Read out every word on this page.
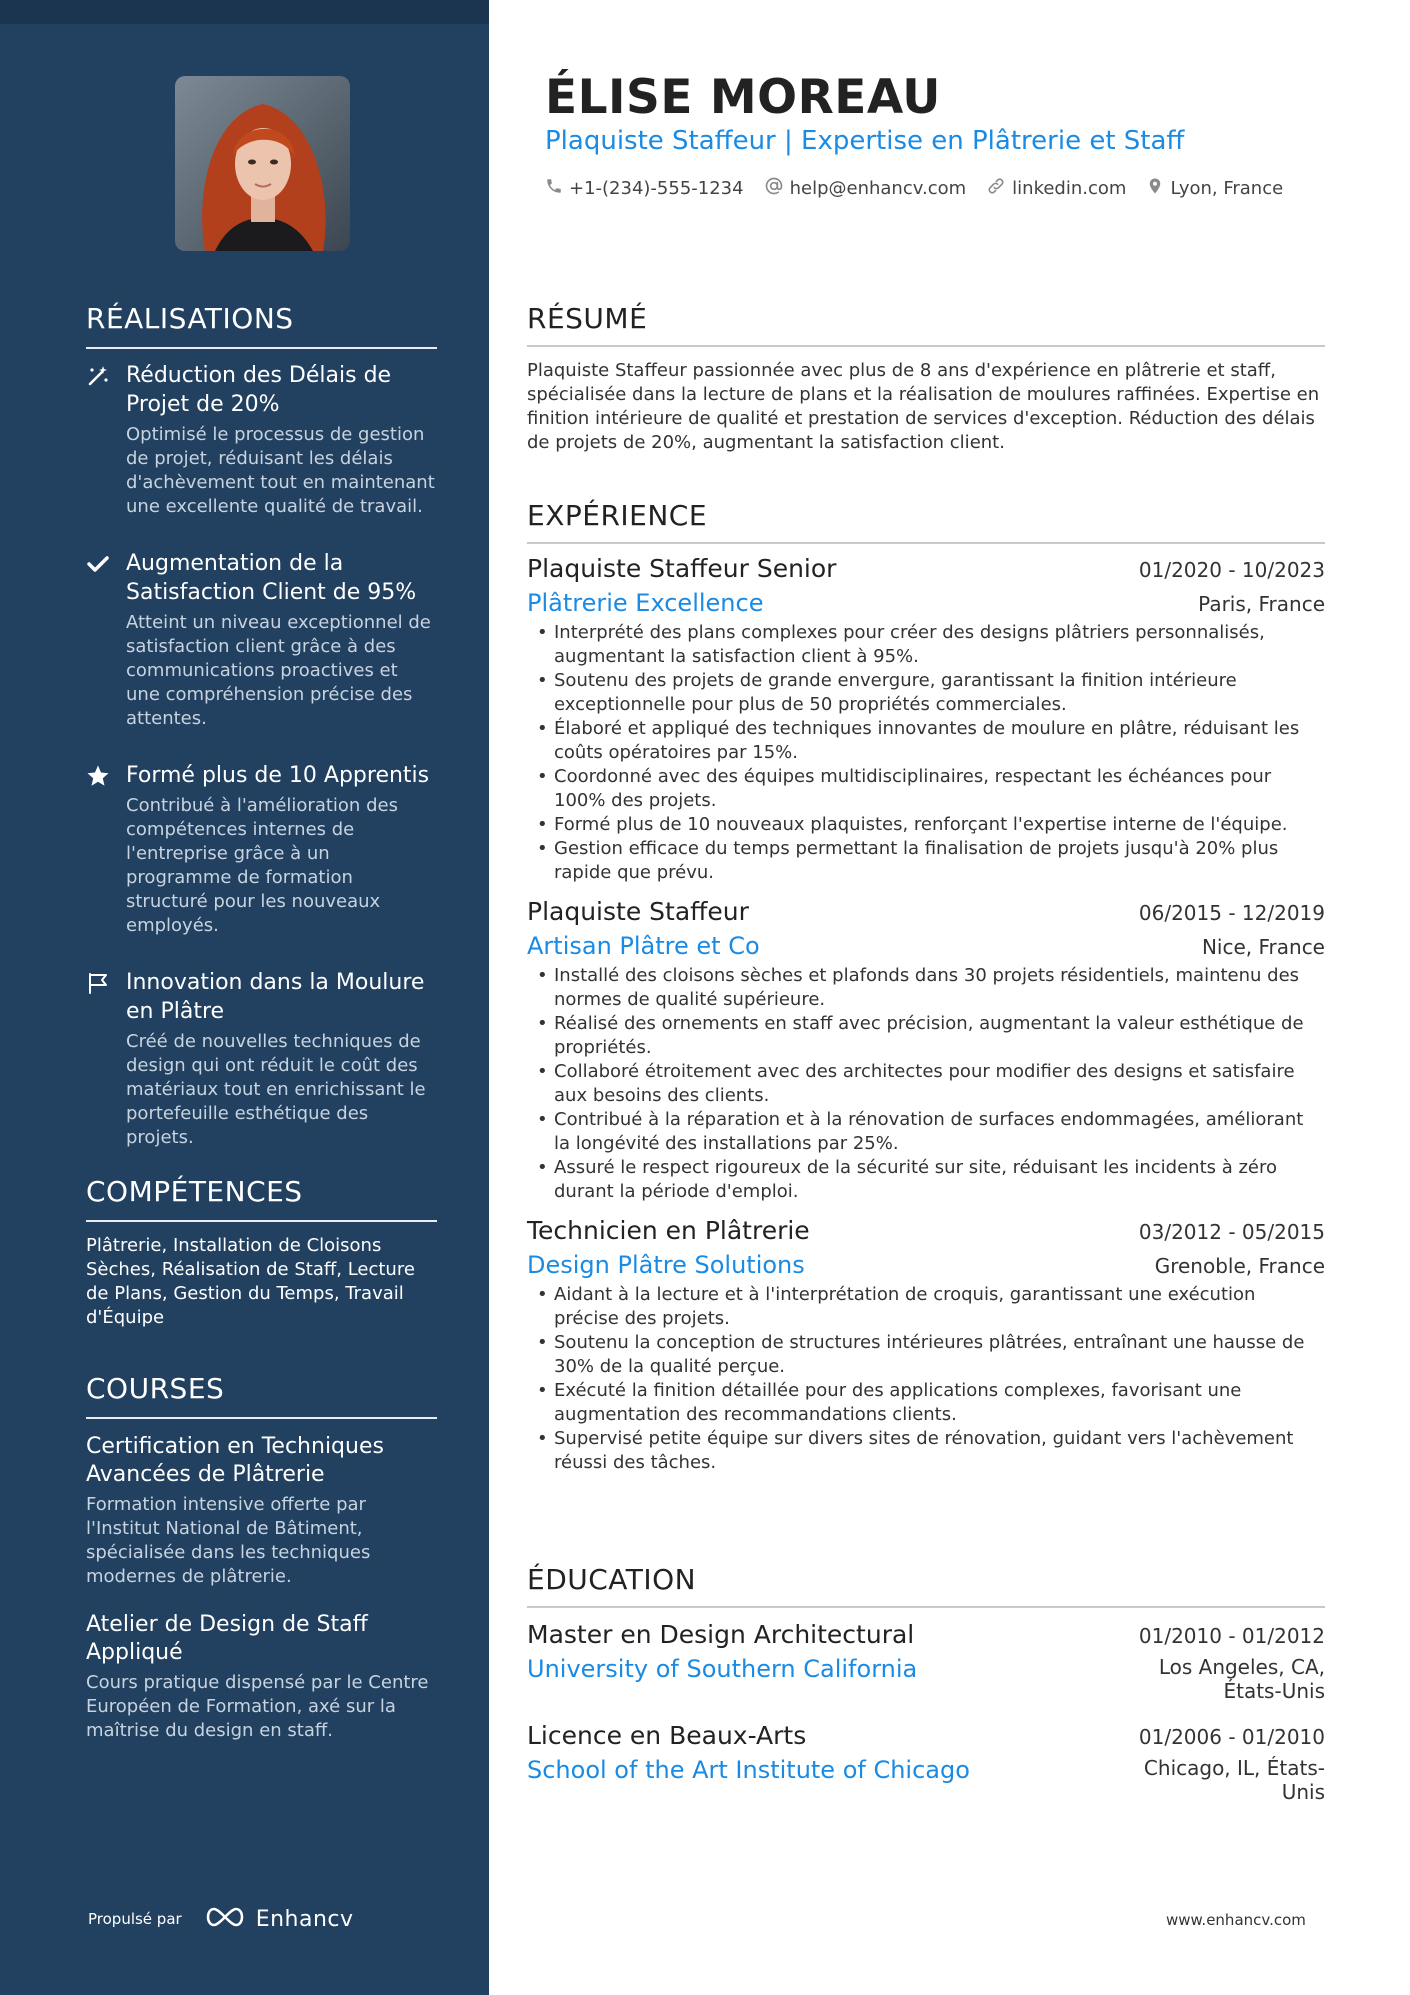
RÉALISATIONS
Réduction des Délais de Projet de 20%
Optimisé le processus de gestion de projet, réduisant les délais d'achèvement tout en maintenant une excellente qualité de travail.
Augmentation de la Satisfaction Client de 95%
Atteint un niveau exceptionnel de satisfaction client grâce à des communications proactives et une compréhension précise des attentes.
Formé plus de 10 Apprentis
Contribué à l'amélioration des compétences internes de l'entreprise grâce à un programme de formation structuré pour les nouveaux employés.
Innovation dans la Moulure en Plâtre
Créé de nouvelles techniques de design qui ont réduit le coût des matériaux tout en enrichissant le portefeuille esthétique des projets.
COMPÉTENCES
Plâtrerie, Installation de Cloisons Sèches, Réalisation de Staff, Lecture de Plans, Gestion du Temps, Travail d'Équipe
COURSES
Certification en Techniques Avancées de Plâtrerie
Formation intensive offerte par l'Institut National de Bâtiment, spécialisée dans les techniques modernes de plâtrerie.
Atelier de Design de Staff Appliqué
Cours pratique dispensé par le Centre Européen de Formation, axé sur la maîtrise du design en staff.
Propulsé par	Enhancv
ÉLISE MOREAU
Plaquiste Staffeur | Expertise en Plâtrerie et Staff
+1-(234)-555-1234	help@enhancv.com	linkedin.com Lyon, France
RÉSUMÉ
Plaquiste Staffeur passionnée avec plus de 8 ans d'expérience en plâtrerie et staff, spécialisée dans la lecture de plans et la réalisation de moulures raffinées. Expertise en finition intérieure de qualité et prestation de services d'exception. Réduction des délais de projets de 20%, augmentant la satisfaction client.
EXPÉRIENCE
Plaquiste Staffeur Senior	01/2020 - 10/2023
Plâtrerie Excellence	Paris, France
• Interprété des plans complexes pour créer des designs plâtriers personnalisés, augmentant la satisfaction client à 95%.
• Soutenu des projets de grande envergure, garantissant la finition intérieure exceptionnelle pour plus de 50 propriétés commerciales.
• Élaboré et appliqué des techniques innovantes de moulure en plâtre, réduisant les coûts opératoires par 15%.
• Coordonné avec des équipes multidisciplinaires, respectant les échéances pour 100% des projets.
• Formé plus de 10 nouveaux plaquistes, renforçant l'expertise interne de l'équipe.
• Gestion efficace du temps permettant la finalisation de projets jusqu'à 20% plus rapide que prévu.
Plaquiste Staffeur	06/2015 - 12/2019
Artisan Plâtre et Co	Nice, France
• Installé des cloisons sèches et plafonds dans 30 projets résidentiels, maintenu des normes de qualité supérieure.
• Réalisé des ornements en staff avec précision, augmentant la valeur esthétique de propriétés.
• Collaboré étroitement avec des architectes pour modifier des designs et satisfaire aux besoins des clients.
• Contribué à la réparation et à la rénovation de surfaces endommagées, améliorant la longévité des installations par 25%.
• Assuré le respect rigoureux de la sécurité sur site, réduisant les incidents à zéro durant la période d'emploi.
Technicien en Plâtrerie	03/2012 - 05/2015
Design Plâtre Solutions	Grenoble, France
• Aidant à la lecture et à l'interprétation de croquis, garantissant une exécution précise des projets.
• Soutenu la conception de structures intérieures plâtrées, entraînant une hausse de 30% de la qualité perçue.
• Exécuté la finition détaillée pour des applications complexes, favorisant une augmentation des recommandations clients.
• Supervisé petite équipe sur divers sites de rénovation, guidant vers l'achèvement réussi des tâches.
ÉDUCATION
Master en Design Architectural	01/2010 - 01/2012
University of Southern California	Los Angeles, CA, États-Unis
Licence en Beaux-Arts	01/2006 - 01/2010
School of the Art Institute of Chicago	Chicago, IL, États-Unis
www.enhancv.com
